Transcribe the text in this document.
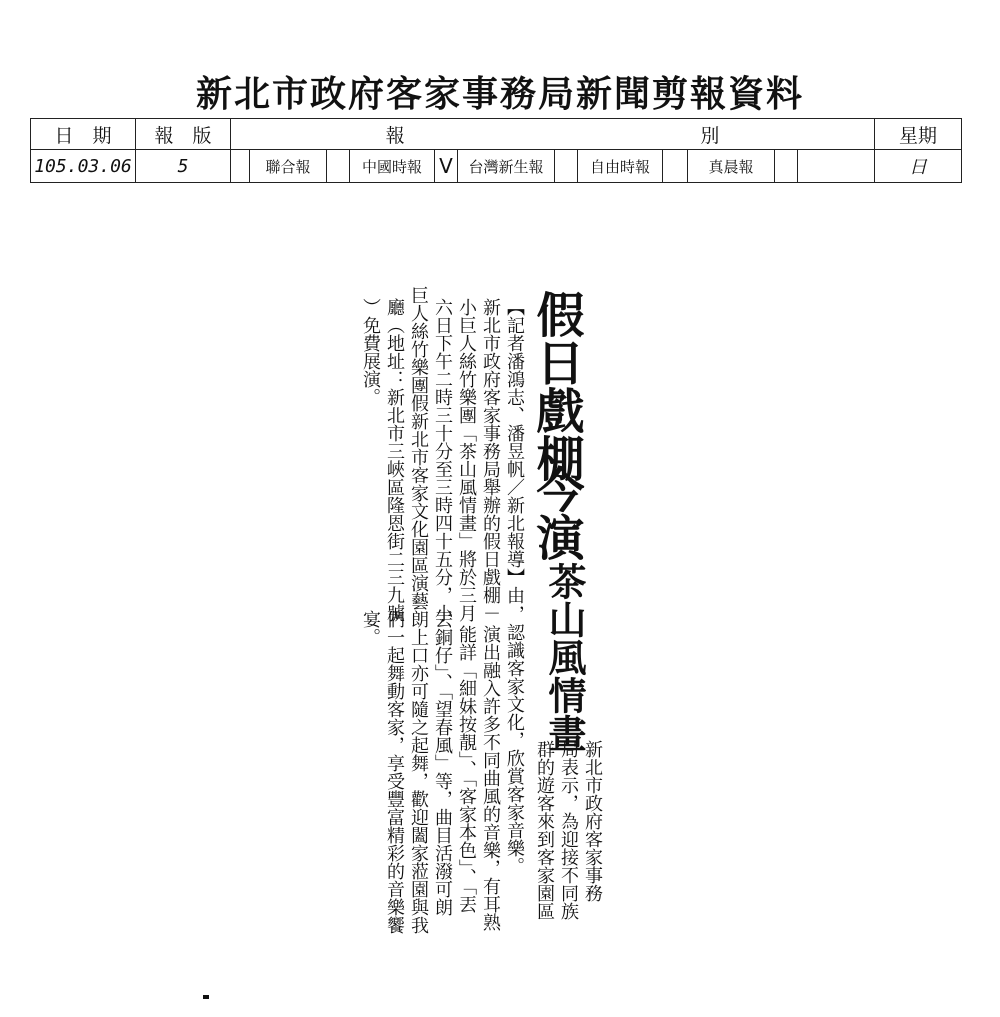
新北市政府客家事務局新聞剪報資料
日　期	報　版	報 別												星期
105.03.06	5		聯合報		中國時報	V	台灣新生報		自由時報		真晨報			日
假日戲棚
今演
茶山風情畫
【記者潘鴻志、潘昱帆／新北報導】由
新北市政府客家事務局舉辦的假日戲棚－
小巨人絲竹樂團「茶山風情畫」將於三月
六日下午二時三十分至三時四十五分，小
巨人絲竹樂團假新北市客家文化園區演藝
廳（地址：新北市三峽區隆恩街二三九號
）免費展演。
新北市政府客家事務
局表示，為迎接不同族
群的遊客來到客家園區
，認識客家文化，欣賞客家音樂。
演出融入許多不同曲風的音樂，有耳熟
能詳「細妹按靚」、「客家本色」、「丟
丟銅仔」、「望春風」等，曲目活潑可朗
朗上口亦可隨之起舞，歡迎闔家蒞園與我
們一起舞動客家，享受豐富精彩的音樂饗
宴。
